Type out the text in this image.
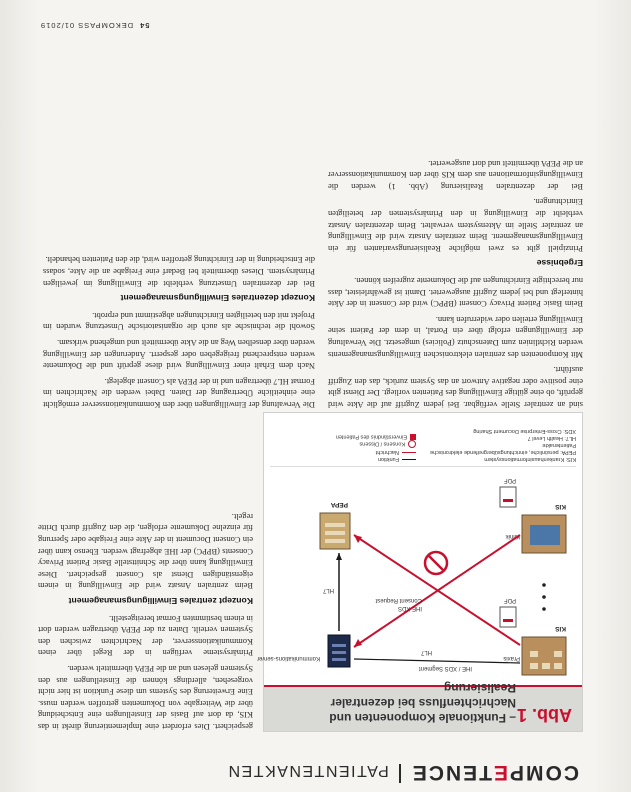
COMPETENCEPATIENTENAKTEN
Abb. 1
– Funktionale Komponenten und Nachrichtenfluss bei dezentraler Realisierung
KIS
KIS
Klinik
Praxis
Kommunikations-server
PEPA
HL7
IHE / XDS Segment
HL7
IHE XDS
Consent Request	PDF
PDF
KIS: Krankenhausinformationssystem
PEPA: persönliche, einrichtungsübergreifende elektronische Patientenakte
HL7: Health Level 7
XDS: Cross-Enterprise Document Sharing
Funktion
Nachricht
Konsens / Dissens
Einverständnis des Patienten

gespeichert. Dies erfordert eine Implementierung direkt in das KIS, da dort auf Basis der Einstellungen eine Entscheidung über die Weitergabe von Dokumenten getroffen werden muss. Eine Erweiterung des Systems um diese Funktion ist hier nicht vorgesehen, allerdings können die Einstellungen aus den Systemen gelesen und an die PEPA übermittelt werden.

Primärsysteme verfügen in der Regel über einen Kommunikationsserver, der Nachrichten zwischen den Systemen verteilt. Daten zu der PEPA übertragen werden dort in einem bestimmten Format bereitgestellt.

Konzept zentrales Einwilligungsmanagement

Beim zentralen Ansatz wird die Einwilligung in einem eigenständigen Dienst als Consent gespeichert. Diese Einwilligung kann über die Schnittstelle Basic Patient Privacy Consents (BPPC) der IHE abgefragt werden. Ebenso kann über ein Consent Document in der Akte eine Freigabe oder Sperrung für einzelne Dokumente erfolgen, die den Zugriff durch Dritte regelt.

sind an zentraler Stelle verfügbar. Bei jedem Zugriff auf die Akte wird geprüft, ob eine gültige Einwilligung des Patienten vorliegt. Der Dienst gibt eine positive oder negative Antwort an das System zurück, das den Zugriff ausführt.

Mit Komponenten des zentralen elektronischen Einwilligungsmanagements werden Richtlinien zum Datenschutz (Policies) umgesetzt. Die Verwaltung der Einwilligungen erfolgt über ein Portal, in dem der Patient seine Einwilligung erteilen oder widerrufen kann.

Beim Basic Patient Privacy Consent (BPPC) wird der Consent in der Akte hinterlegt und bei jedem Zugriff ausgewertet. Damit ist gewährleistet, dass nur berechtigte Einrichtungen auf die Dokumente zugreifen können.

Ergebnisse

Prinzipiell gibt es zwei mögliche Realisierungsvarianten für ein Einwilligungsmanagement. Beim zentralen Ansatz wird die Einwilligung an zentraler Stelle im Aktensystem verwaltet. Beim dezentralen Ansatz verbleibt die Einwilligung in den Primärsystemen der beteiligten Einrichtungen.

Bei der dezentralen Realisierung (Abb. 1) werden die Einwilligungsinformationen aus dem KIS über den Kommunikationsserver an die PEPA übermittelt und dort ausgewertet.

Die Verwaltung der Einwilligungen über den Kommunikationsserver ermöglicht eine einheitliche Übertragung der Daten. Dabei werden die Nachrichten im Format HL7 übertragen und in der PEPA als Consent abgelegt.

Nach dem Erhalt einer Einwilligung wird diese geprüft und die Dokumente werden entsprechend freigegeben oder gesperrt. Änderungen der Einwilligung werden über denselben Weg an die Akte übermittelt und umgehend wirksam.

Sowohl die technische als auch die organisatorische Umsetzung wurden im Projekt mit den beteiligten Einrichtungen abgestimmt und erprobt.

Konzept dezentrales Einwilligungsmanagement

Bei der dezentralen Umsetzung verbleibt die Einwilligung im jeweiligen Primärsystem. Dieses übermittelt bei Bedarf eine Freigabe an die Akte, sodass die Entscheidung in der Einrichtung getroffen wird, die den Patienten behandelt.

54DEKOMPASS 01/2019
